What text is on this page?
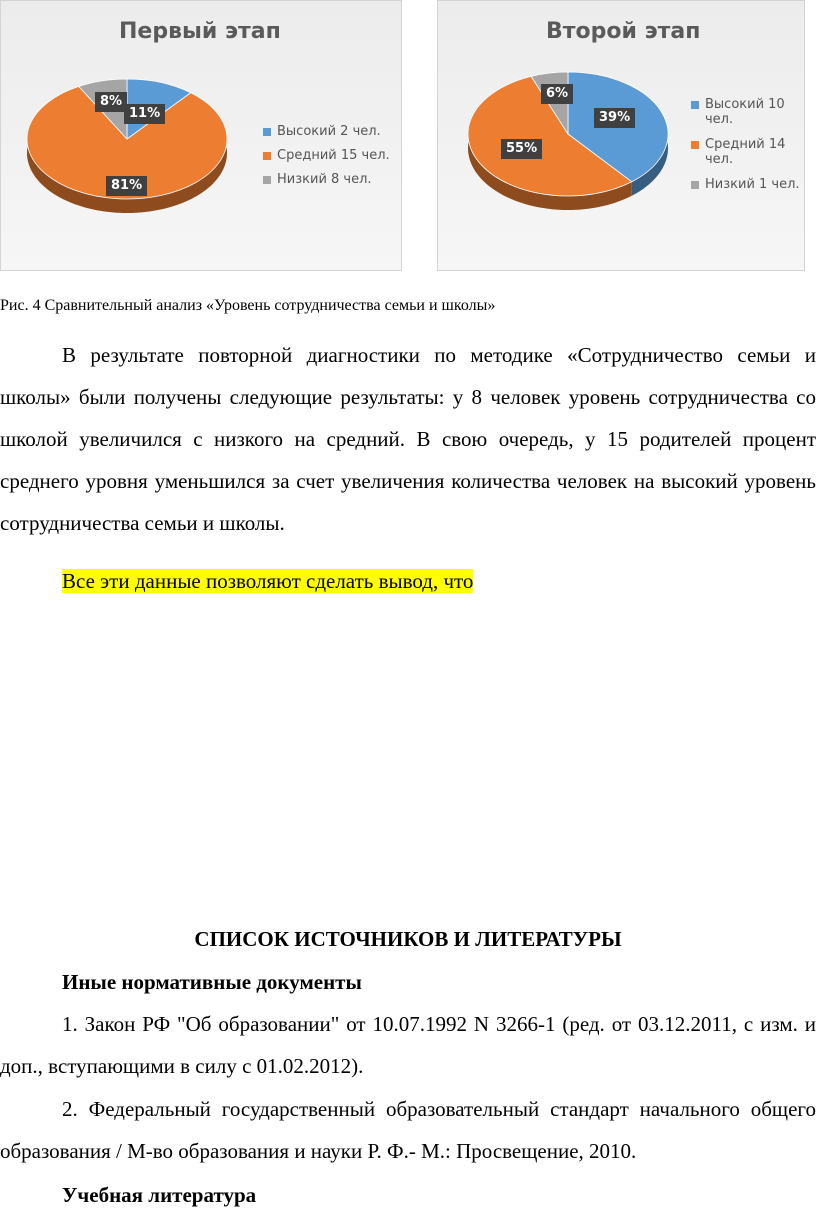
Первый этап
Высокий 2 чел.
Средний 15 чел.
Низкий 8 чел.
8%
11%
81%
Второй этап
Высокий 10 чел.
Средний 14 чел.
Низкий 1 чел.
6%
39%
55%
Рис. 4 Сравнительный анализ «Уровень сотрудничества семьи и школы»

В результате повторной диагностики по методике «Сотрудничество семьи и школы» были получены следующие результаты: у 8 человек уровень сотрудничества со школой увеличился с низкого на средний. В свою очередь, у 15 родителей процент среднего уровня уменьшился за счет увеличения количества человек на высокий уровень сотрудничества семьи и школы.

Все эти данные позволяют сделать вывод, что

СПИСОК ИСТОЧНИКОВ И ЛИТЕРАТУРЫ
Иные нормативные документы

1. Закон РФ "Об образовании" от 10.07.1992 N 3266-1 (ред. от 03.12.2011, с изм. и доп., вступающими в силу с 01.02.2012).

2. Федеральный государственный образовательный стандарт начального общего образования / М-во образования и науки Р. Ф.- М.: Просвещение, 2010.

Учебная литература
